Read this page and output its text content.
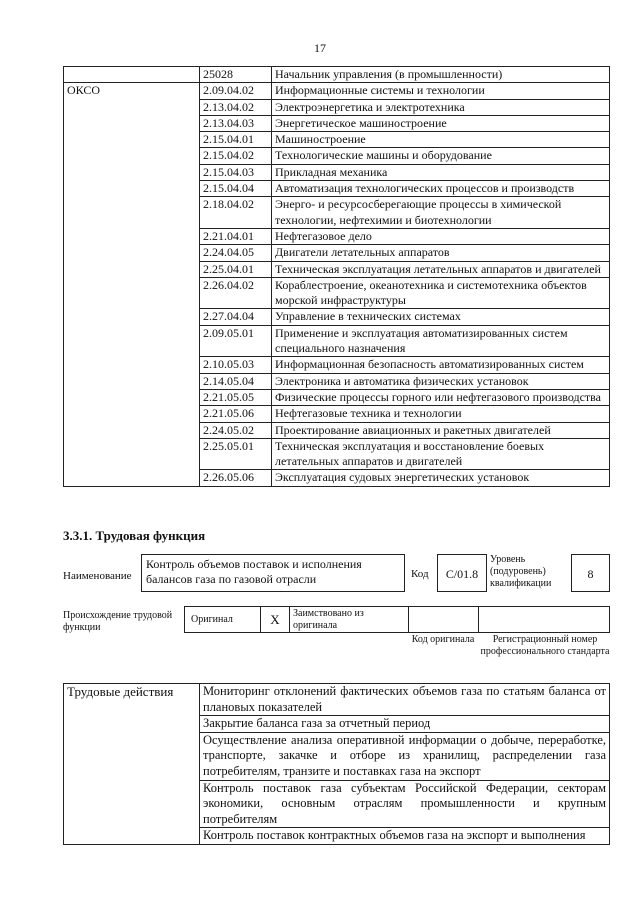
17
	25028	Начальник управления (в промышленности)
ОКСО	2.09.04.02	Информационные системы и технологии
	2.13.04.02	Электроэнергетика и электротехника
	2.13.04.03	Энергетическое машиностроение
	2.15.04.01	Машиностроение
	2.15.04.02	Технологические машины и оборудование
	2.15.04.03	Прикладная механика
	2.15.04.04	Автоматизация технологических процессов и производств
	2.18.04.02	Энерго- и ресурсосберегающие процессы в химической технологии, нефтехимии и биотехнологии
	2.21.04.01	Нефтегазовое дело
	2.24.04.05	Двигатели летательных аппаратов
	2.25.04.01	Техническая эксплуатация летательных аппаратов и двигателей
	2.26.04.02	Кораблестроение, океанотехника и системотехника объектов морской инфраструктуры
	2.27.04.04	Управление в технических системах
	2.09.05.01	Применение и эксплуатация автоматизированных систем специального назначения
	2.10.05.03	Информационная безопасность автоматизированных систем
	2.14.05.04	Электроника и автоматика физических установок
	2.21.05.05	Физические процессы горного или нефтегазового производства
	2.21.05.06	Нефтегазовые техника и технологии
	2.24.05.02	Проектирование авиационных и ракетных двигателей
	2.25.05.01	Техническая эксплуатация и восстановление боевых летательных аппаратов и двигателей
	2.26.05.06	Эксплуатация судовых энергетических установок
3.3.1. Трудовая функция
Наименование
Контроль объемов поставок и исполнения балансов газа по газовой отрасли	Код	C/01.8
Уровень (подуровень) квалификации
8
Происхождение трудовой функции
Оригинал	X	Заимствовано из оригинала
Код оригинала	Регистрационный номер профессионального стандарта
Трудовые действия	Мониторинг отклонений фактических объемов газа по статьям баланса от плановых показателей
Закрытие баланса газа за отчетный период
Осуществление анализа оперативной информации о добыче, переработке, транспорте, закачке и отборе из хранилищ, распределении газа потребителям, транзите и поставках газа на экспорт
Контроль поставок газа субъектам Российской Федерации, секторам экономики, основным отраслям промышленности и крупным потребителям
Контроль поставок контрактных объемов газа на экспорт и выполнения
